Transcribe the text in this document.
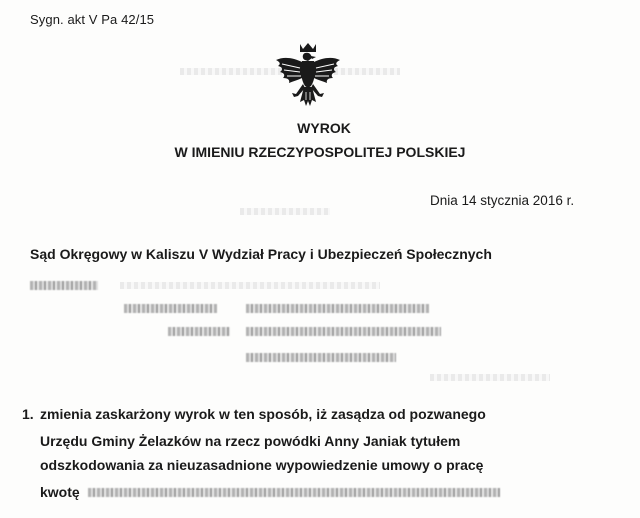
Sygn. akt V Pa 42/15
WYROK
W IMIENIU RZECZYPOSPOLITEJ POLSKIEJ
Dnia 14 stycznia 2016 r.
Sąd Okręgowy w Kaliszu V Wydział Pracy i Ubezpieczeń Społecznych
1. zmienia zaskarżony wyrok w ten sposób, iż zasądza od pozwanego
Urzędu Gminy Żelazków na rzecz powódki Anny Janiak tytułem
odszkodowania za nieuzasadnione wypowiedzenie umowy o pracę
kwotę
